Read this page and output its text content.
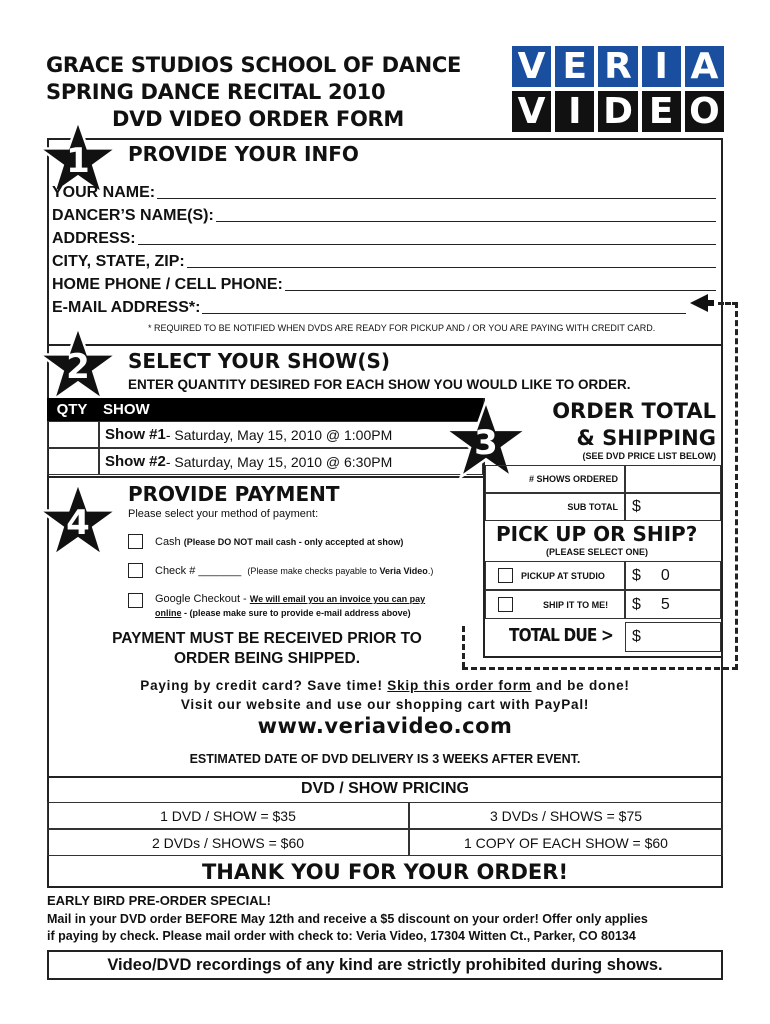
GRACE STUDIOS SCHOOL OF DANCE
SPRING DANCE RECITAL 2010
DVD VIDEO ORDER FORM
V E R I A
V I D E O
1	PROVIDE YOUR INFO
YOUR NAME:
DANCER’S NAME(S):
ADDRESS:
CITY, STATE, ZIP:
HOME PHONE / CELL PHONE:
E-MAIL ADDRESS*:
* REQUIRED TO BE NOTIFIED WHEN DVDS ARE READY FOR PICKUP AND / OR YOU ARE PAYING WITH CREDIT CARD.
2	SELECT YOUR SHOW(S)
ENTER QUANTITY DESIRED FOR EACH SHOW YOU WOULD LIKE TO ORDER.
QTY	SHOW
Show #1 - Saturday, May 15, 2010 @ 1:00PM
Show #2 - Saturday, May 15, 2010 @ 6:30PM
ORDER TOTAL
& SHIPPING
(SEE DVD PRICE LIST BELOW)
3
# SHOWS ORDERED
SUB TOTAL $
PICK UP OR SHIP?
(PLEASE SELECT ONE)
PICKUP AT STUDIO $ 0
SHIP IT TO ME! $ 5
TOTAL DUE > $
4
PROVIDE PAYMENT
Please select your method of payment:
Cash (Please DO NOT mail cash - only accepted at show)
Check # _______ (Please make checks payable to Veria Video.)
Google Checkout - We will email you an invoice you can pay
online - (please make sure to provide e-mail address above)
PAYMENT MUST BE RECEIVED PRIOR TO
ORDER BEING SHIPPED.
Paying by credit card? Save time! Skip this order form and be done!
Visit our website and use our shopping cart with PayPal!
www.veriavideo.com
ESTIMATED DATE OF DVD DELIVERY IS 3 WEEKS AFTER EVENT.
DVD / SHOW PRICING
1 DVD / SHOW = $35	3 DVDs / SHOWS = $75
2 DVDs / SHOWS = $60	1 COPY OF EACH SHOW = $60
THANK YOU FOR YOUR ORDER!
EARLY BIRD PRE-ORDER SPECIAL!
Mail in your DVD order BEFORE May 12th and receive a $5 discount on your order! Offer only applies
if paying by check. Please mail order with check to: Veria Video, 17304 Witten Ct., Parker, CO 80134
Video/DVD recordings of any kind are strictly prohibited during shows.
